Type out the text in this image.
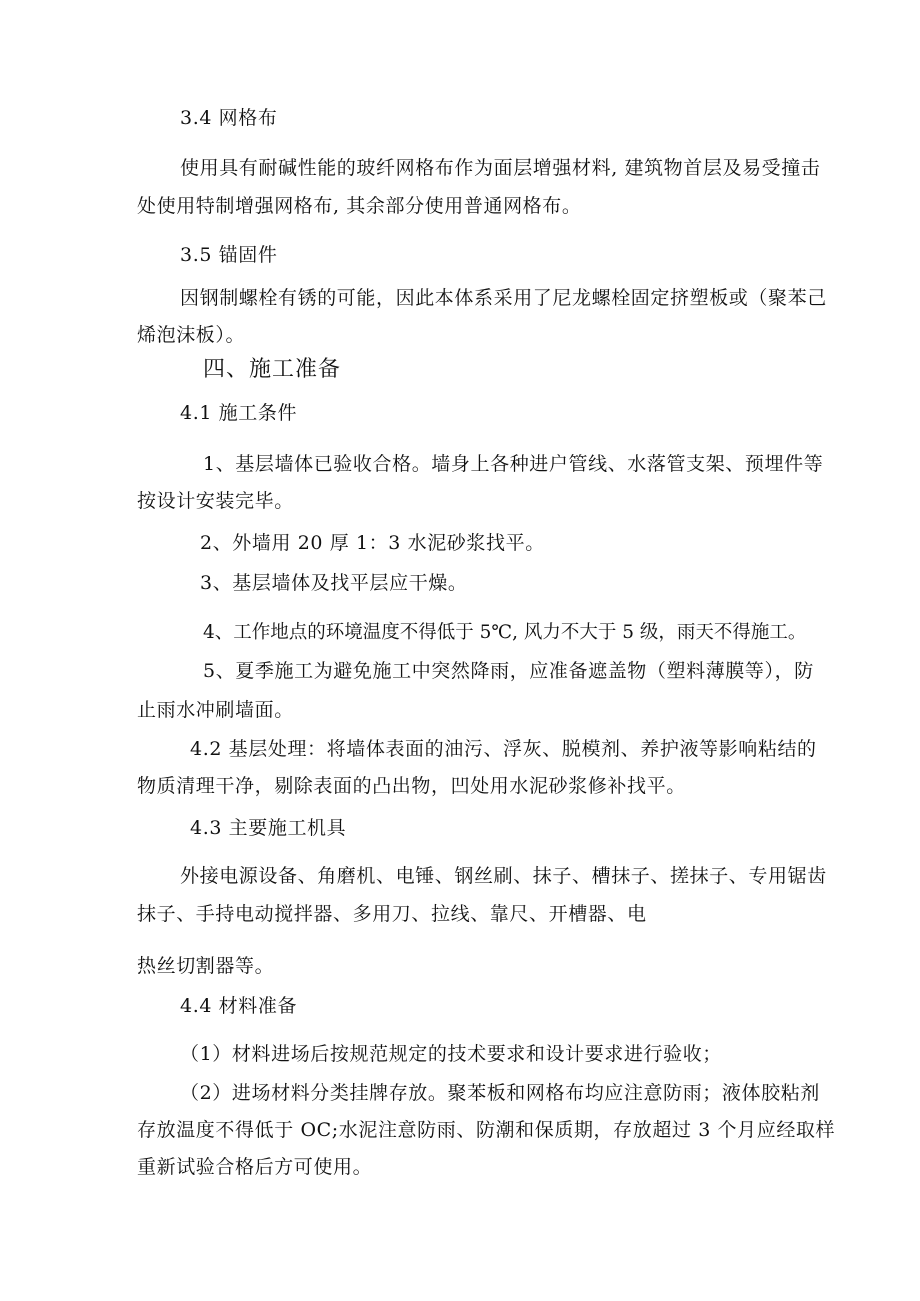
3.4 网格布
使用具有耐碱性能的玻纤网格布作为面层增强材料, 建筑物首层及易受撞击
处使用特制增强网格布, 其余部分使用普通网格布。
3.5 锚固件
因钢制螺栓有锈的可能，因此本体系采用了尼龙螺栓固定挤塑板或（聚苯己
烯泡沫板）。
四、施工准备
4.1 施工条件
1、基层墙体已验收合格。墙身上各种进户管线、水落管支架、预埋件等
按设计安装完毕。
2、外墙用 20 厚 1：3 水泥砂浆找平。
3、基层墙体及找平层应干燥。
4、工作地点的环境温度不得低于 5℃, 风力不大于 5 级，雨天不得施工。
5、夏季施工为避免施工中突然降雨，应准备遮盖物（塑料薄膜等），防
止雨水冲刷墙面。
4.2 基层处理：将墙体表面的油污、浮灰、脱模剂、养护液等影响粘结的
物质清理干净，剔除表面的凸出物，凹处用水泥砂浆修补找平。
4.3 主要施工机具
外接电源设备、角磨机、电锤、钢丝刷、抹子、槽抹子、搓抹子、专用锯齿
抹子、手持电动搅拌器、多用刀、拉线、靠尺、开槽器、电
热丝切割器等。
4.4 材料准备
（1）材料进场后按规范规定的技术要求和设计要求进行验收；
（2）进场材料分类挂牌存放。聚苯板和网格布均应注意防雨；液体胶粘剂
存放温度不得低于 OC;水泥注意防雨、防潮和保质期，存放超过 3 个月应经取样
重新试验合格后方可使用。
